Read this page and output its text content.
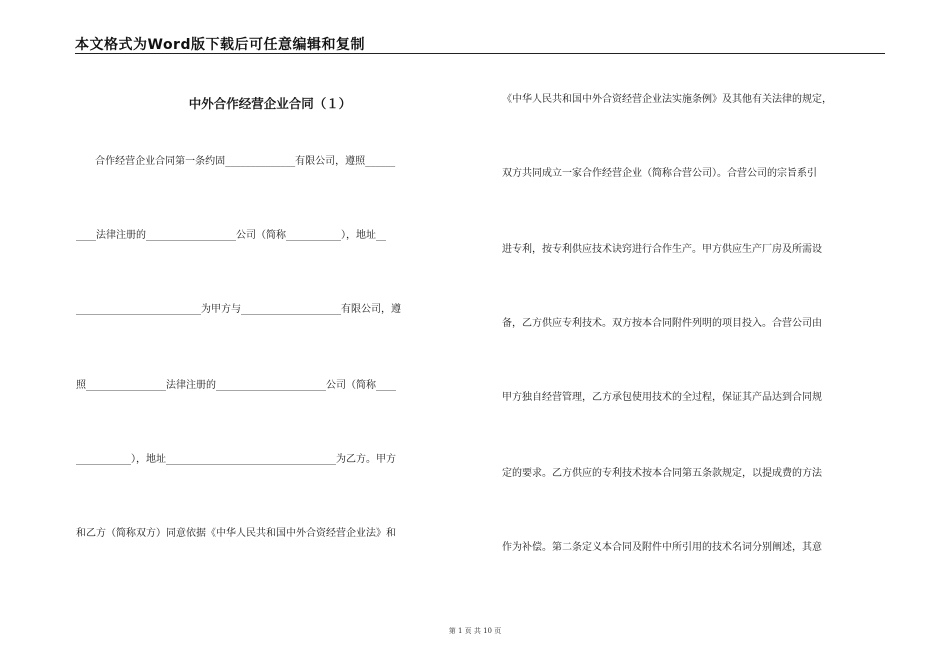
本文格式为Word版下载后可任意编辑和复制
中外合作经营企业合同（１）
合作经营企业合同第一条约固______________有限公司，遵照______
____法律注册的__________________公司（简称___________），地址__
_________________________为甲方与____________________有限公司，遵
照________________法律注册的______________________公司（简称____
___________），地址__________________________________为乙方。甲方
和乙方（简称双方）同意依据《中华人民共和国中外合资经营企业法》和
《中华人民共和国中外合资经营企业法实施条例》及其他有关法律的规定，
双方共同成立一家合作经营企业（简称合营公司）。合营公司的宗旨系引
进专利，按专利供应技术诀窍进行合作生产。甲方供应生产厂房及所需设
备，乙方供应专利技术。双方按本合同附件列明的项目投入。合营公司由
甲方独自经营管理，乙方承包使用技术的全过程，保证其产品达到合同规
定的要求。乙方供应的专利技术按本合同第五条款规定，以提成费的方法
作为补偿。第二条定义本合同及附件中所引用的技术名词分别阐述，其意
第 1 页 共 10 页
